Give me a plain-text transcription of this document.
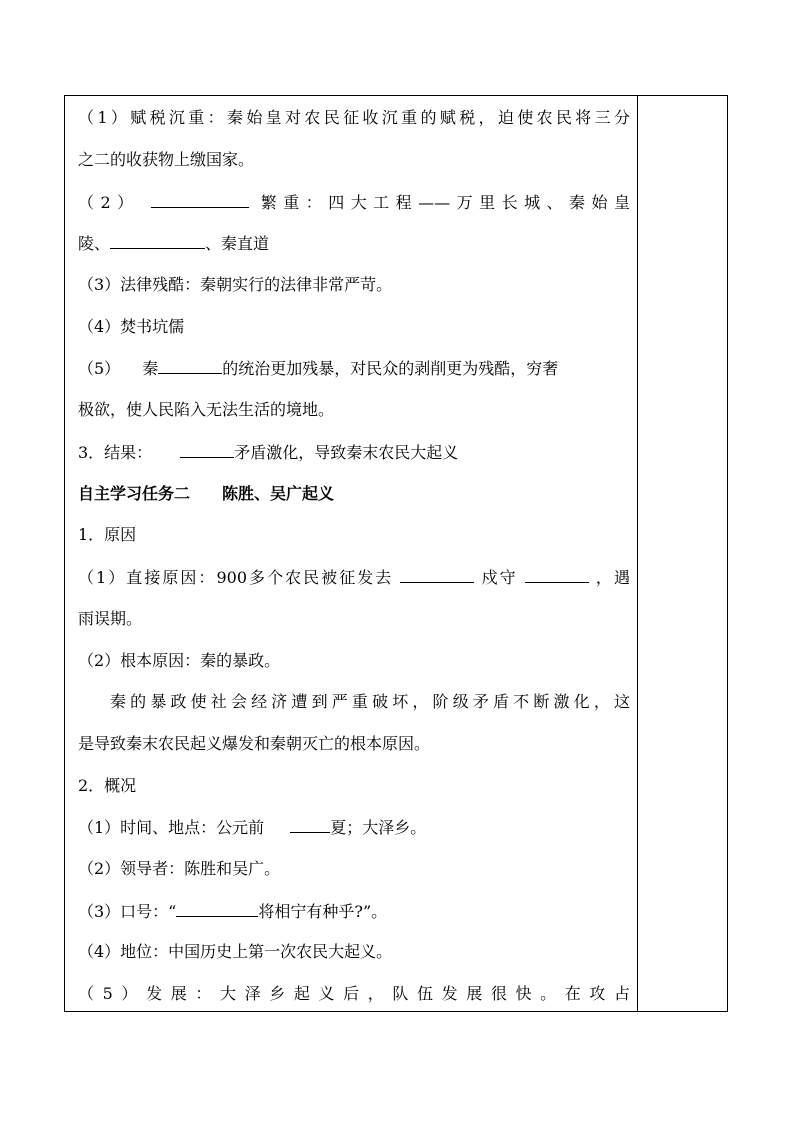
（1）赋税沉重：秦始皇对农民征收沉重的赋税，迫使农民将三分
之二的收获物上缴国家。
（2）	繁重：四大工程——万里长城、秦始皇
陵、	、秦直道
（3）法律残酷：秦朝实行的法律非常严苛。
（4）焚书坑儒
（5） 秦	的统治更加残暴，对民众的剥削更为残酷，穷奢
极欲，使人民陷入无法生活的境地。
3．结果：	矛盾激化，导致秦末农民大起义
自主学习任务二 陈胜、吴广起义
1．原因
（1）直接原因：900多个农民被征发去	戍守	，遇
雨误期。
（2）根本原因：秦的暴政。
秦的暴政使社会经济遭到严重破坏，阶级矛盾不断激化，这
是导致秦末农民起义爆发和秦朝灭亡的根本原因。
2．概况
（1）时间、地点：公元前	夏；大泽乡。
（2）领导者：陈胜和吴广。
（3）口号：“	将相宁有种乎?”。
（4）地位：中国历史上第一次农民大起义。
（5）发展：大泽乡起义后，队伍发展很快。在攻占
